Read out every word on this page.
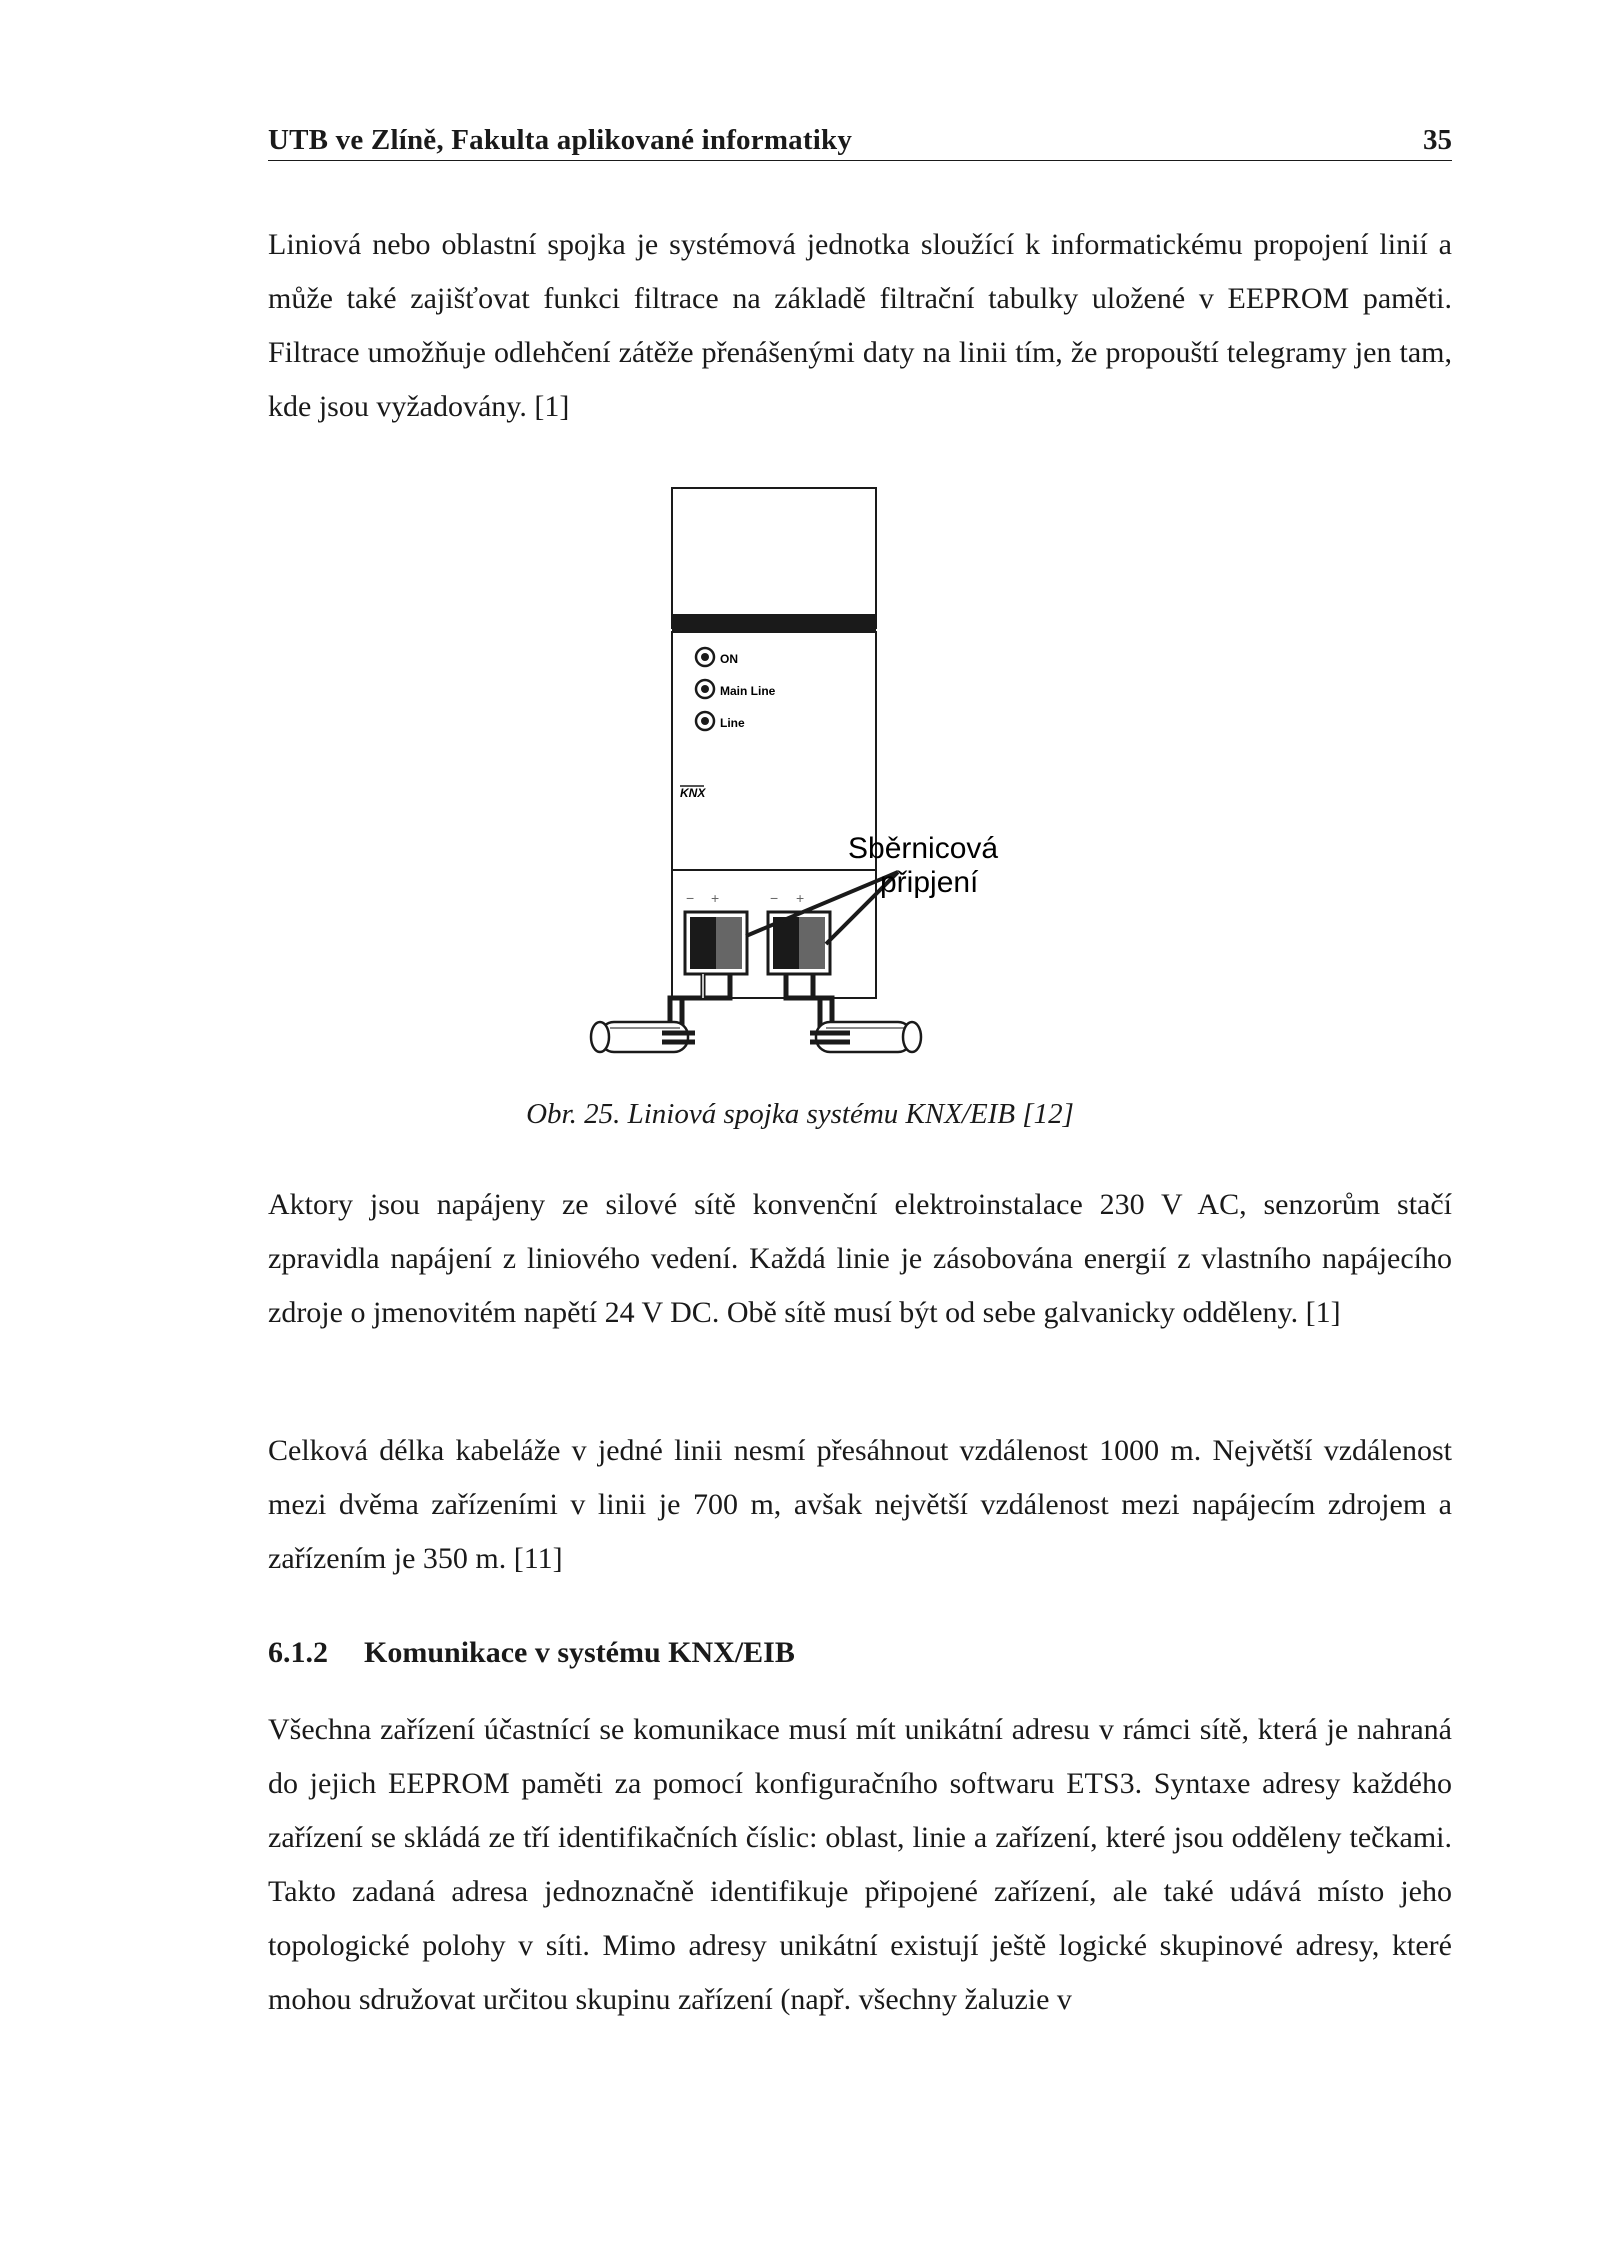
UTB ve Zlíně, Fakulta aplikované informatiky	35

Liniová nebo oblastní spojka je systémová jednotka sloužící k informatickému propojení linií a může také zajišťovat funkci filtrace na základě filtrační tabulky uložené v EEPROM paměti. Filtrace umožňuje odlehčení zátěže přenášenými daty na linii tím, že propouští telegramy jen tam, kde jsou vyžadovány. [1]

ON
Main Line
Line
KNX
− +	− +
Sběrnicová
připjení
Obr. 25. Liniová spojka systému KNX/EIB [12]

Aktory jsou napájeny ze silové sítě konvenční elektroinstalace 230 V AC, senzorům stačí zpravidla napájení z liniového vedení. Každá linie je zásobována energií z vlastního napájecího zdroje o jmenovitém napětí 24 V DC. Obě sítě musí být od sebe galvanicky odděleny. [1]

Celková délka kabeláže v jedné linii nesmí přesáhnout vzdálenost 1000 m. Největší vzdálenost mezi dvěma zařízeními v linii je 700 m, avšak největší vzdálenost mezi napájecím zdrojem a zařízením je 350 m. [11]

6.1.2 Komunikace v systému KNX/EIB

Všechna zařízení účastnící se komunikace musí mít unikátní adresu v rámci sítě, která je nahraná do jejich EEPROM paměti za pomocí konfiguračního softwaru ETS3. Syntaxe adresy každého zařízení se skládá ze tří identifikačních číslic: oblast, linie a zařízení, které jsou odděleny tečkami. Takto zadaná adresa jednoznačně identifikuje připojené zařízení, ale také udává místo jeho topologické polohy v síti. Mimo adresy unikátní existují ještě logické skupinové adresy, které mohou sdružovat určitou skupinu zařízení (např. všechny žaluzie v
